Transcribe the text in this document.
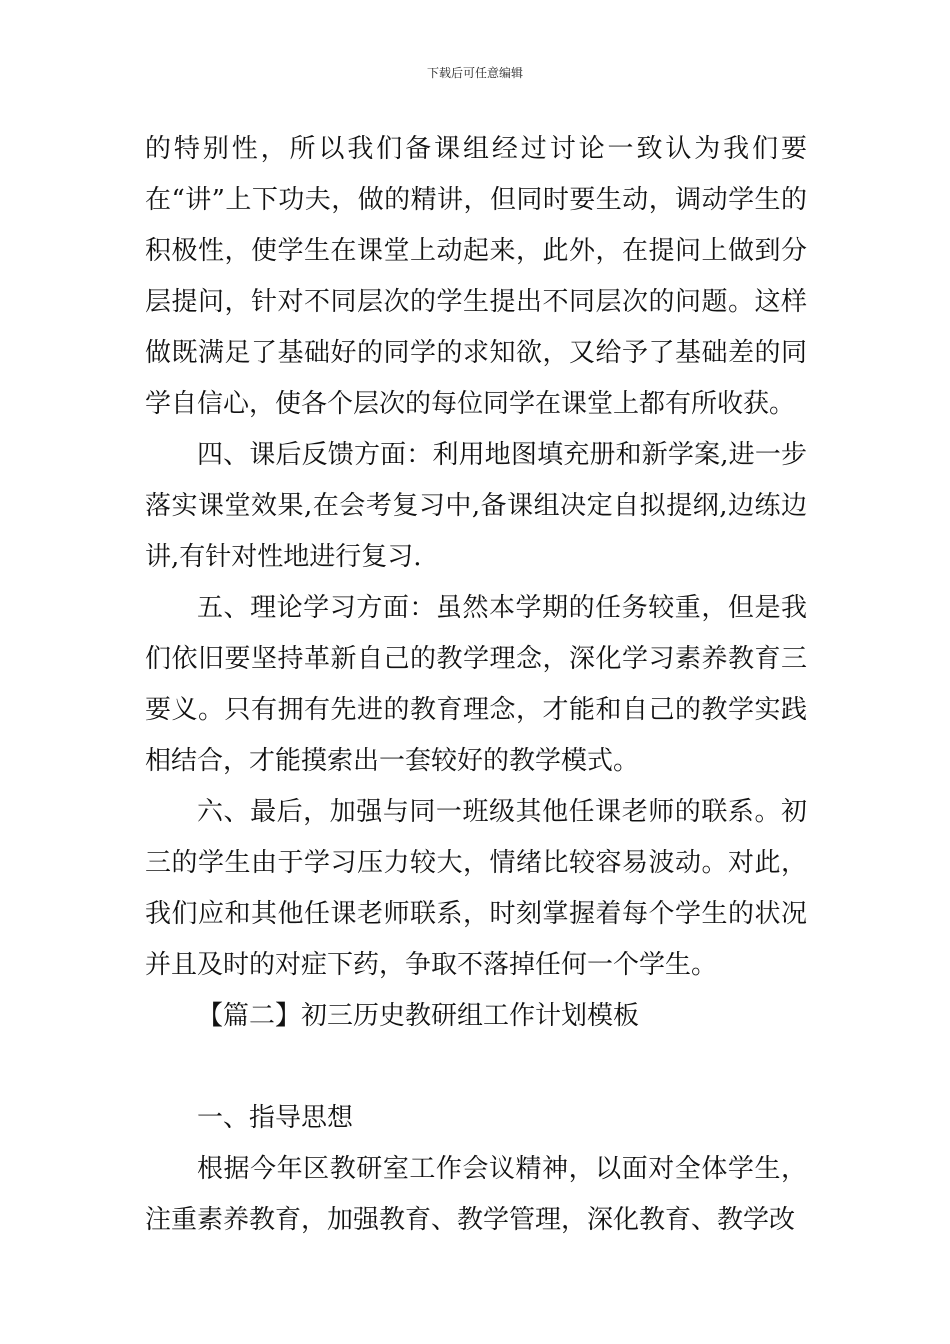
下载后可任意编辑

的特别性，所以我们备课组经过讨论一致认为我们要在“讲”上下功夫，做的精讲，但同时要生动，调动学生的积极性，使学生在课堂上动起来，此外，在提问上做到分层提问，针对不同层次的学生提出不同层次的问题。这样做既满足了基础好的同学的求知欲，又给予了基础差的同学自信心，使各个层次的每位同学在课堂上都有所收获。

四、课后反馈方面：利用地图填充册和新学案,进一步落实课堂效果,在会考复习中,备课组决定自拟提纲,边练边讲,有针对性地进行复习.

五、理论学习方面：虽然本学期的任务较重，但是我们依旧要坚持革新自己的教学理念，深化学习素养教育三要义。只有拥有先进的教育理念，才能和自己的教学实践相结合，才能摸索出一套较好的教学模式。

六、最后，加强与同一班级其他任课老师的联系。初三的学生由于学习压力较大，情绪比较容易波动。对此，我们应和其他任课老师联系，时刻掌握着每个学生的状况并且及时的对症下药，争取不落掉任何一个学生。

【篇二】初三历史教研组工作计划模板

一、指导思想

根据今年区教研室工作会议精神，以面对全体学生，注重素养教育，加强教育、教学管理，深化教育、教学改
